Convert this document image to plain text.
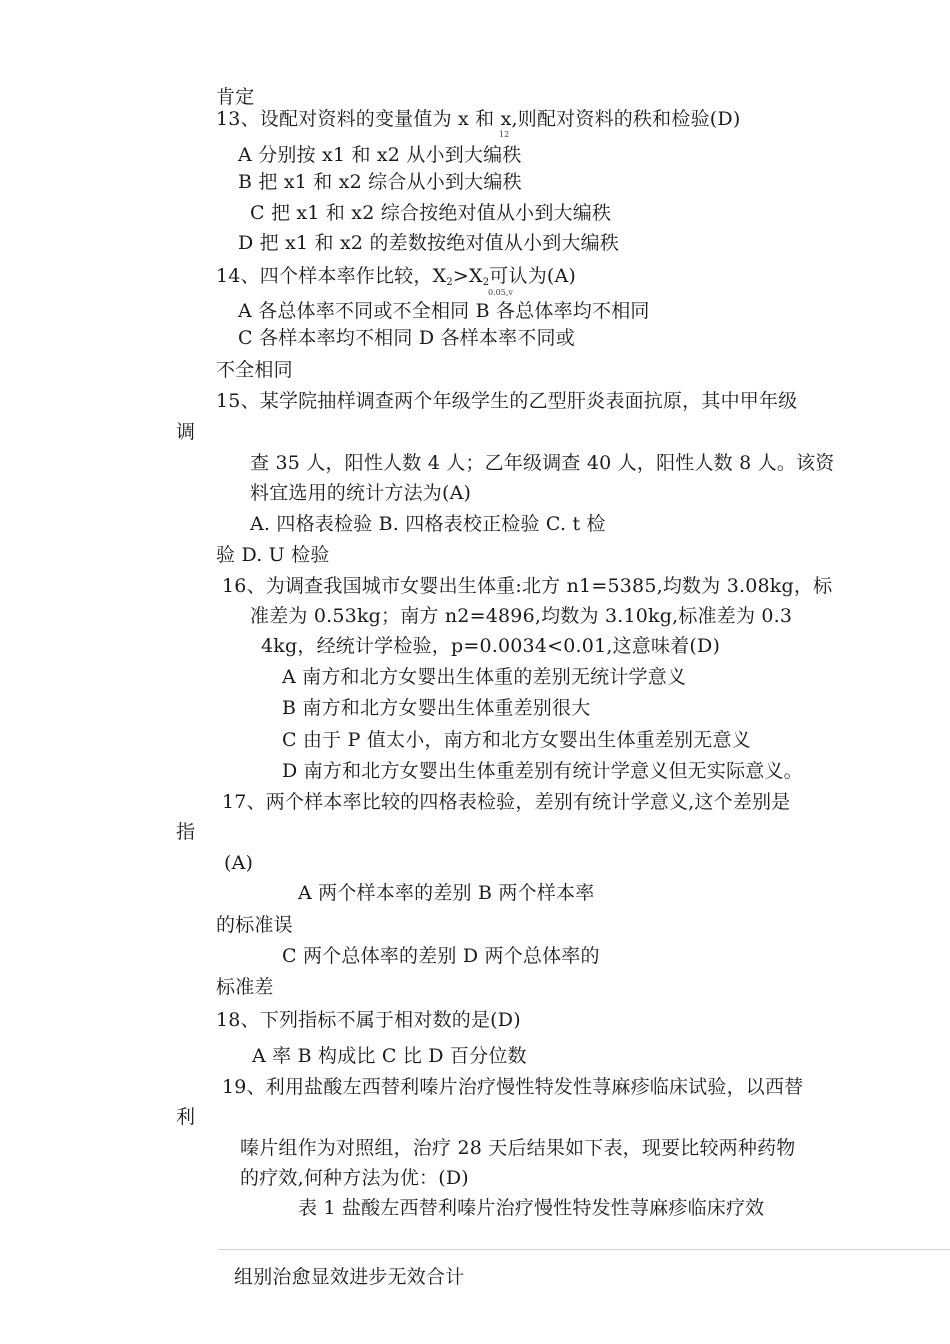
肯定
13、设配对资料的变量值为 x 和 x,则配对资料的秩和检验(D)
12
A 分别按 x1 和 x2 从小到大编秩
B 把 x1 和 x2 综合从小到大编秩
C 把 x1 和 x2 综合按绝对值从小到大编秩
D 把 x1 和 x2 的差数按绝对值从小到大编秩
14、四个样本率作比较，$X_2>X_2$可认为(A)
0.05,v
A 各总体率不同或不全相同 B 各总体率均不相同
C 各样本率均不相同 D 各样本率不同或
不全相同
15、某学院抽样调查两个年级学生的乙型肝炎表面抗原，其中甲年级
调
查 35 人，阳性人数 4 人；乙年级调查 40 人，阳性人数 8 人。该资
料宜选用的统计方法为(A)
A. 四格表检验 B. 四格表校正检验 C. t 检
验 D. U 检验
16、为调查我国城市女婴出生体重:北方 n1=5385,均数为 3.08kg，标
准差为 0.53kg；南方 n2=4896,均数为 3.10kg,标准差为 0.3
4kg，经统计学检验，p=0.0034<0.01,这意味着(D)
A 南方和北方女婴出生体重的差别无统计学意义
B 南方和北方女婴出生体重差别很大
C 由于 P 值太小，南方和北方女婴出生体重差别无意义
D 南方和北方女婴出生体重差别有统计学意义但无实际意义。
17、两个样本率比较的四格表检验，差别有统计学意义,这个差别是
指
(A)
A 两个样本率的差别 B 两个样本率
的标准误
C 两个总体率的差别 D 两个总体率的
标准差
18、下列指标不属于相对数的是(D)
A 率 B 构成比 C 比 D 百分位数
19、利用盐酸左西替利嗪片治疗慢性特发性荨麻疹临床试验，以西替
利
嗪片组作为对照组，治疗 28 天后结果如下表，现要比较两种药物
的疗效,何种方法为优：(D)
表 1 盐酸左西替利嗪片治疗慢性特发性荨麻疹临床疗效
组别治愈显效进步无效合计
